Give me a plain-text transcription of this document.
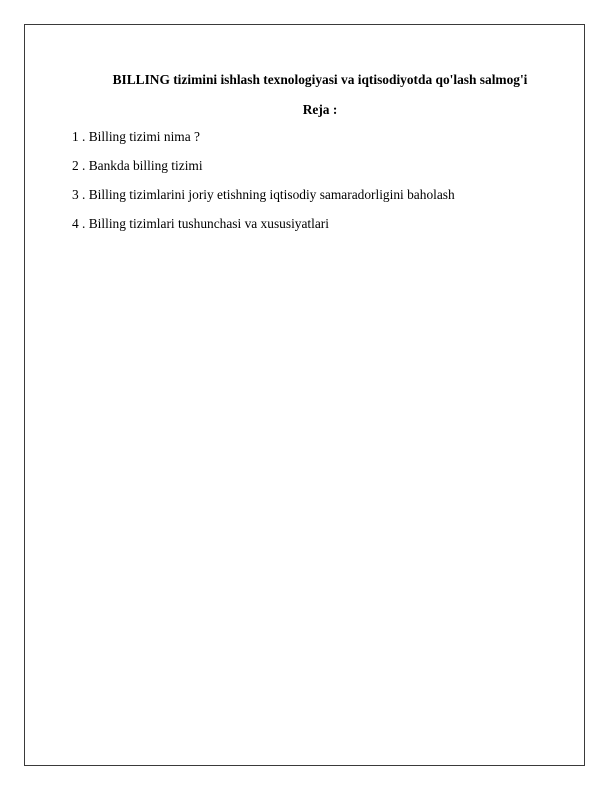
BILLING tizimini ishlash texnologiyasi va iqtisodiyotda qo'lash salmog'i

Reja :

1 . Billing tizimi nima ?
2 . Bankda billing tizimi
3 . Billing tizimlarini joriy etishning iqtisodiy samaradorligini baholash
4 . Billing tizimlari tushunchasi va xususiyatlari
